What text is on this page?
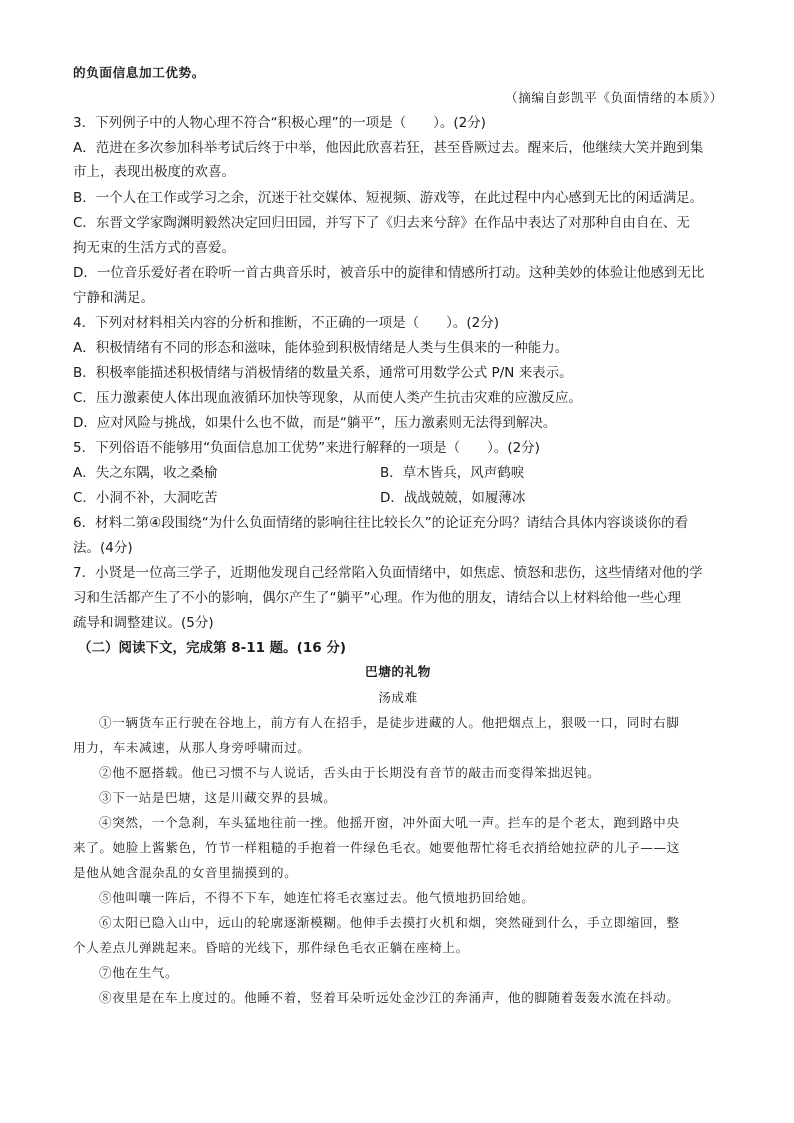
的负面信息加工优势。
（摘编自彭凯平《负面情绪的本质》）
3．下列例子中的人物心理不符合“积极心理”的一项是（　　）。(2分)
A．范进在多次参加科举考试后终于中举，他因此欣喜若狂，甚至昏厥过去。醒来后，他继续大笑并跑到集
市上，表现出极度的欢喜。
B．一个人在工作或学习之余，沉迷于社交媒体、短视频、游戏等，在此过程中内心感到无比的闲适满足。
C．东晋文学家陶渊明毅然决定回归田园，并写下了《归去来兮辞》在作品中表达了对那种自由自在、无
拘无束的生活方式的喜爱。
D．一位音乐爱好者在聆听一首古典音乐时，被音乐中的旋律和情感所打动。这种美妙的体验让他感到无比
宁静和满足。
4．下列对材料相关内容的分析和推断，不正确的一项是（　　）。(2分)
A．积极情绪有不同的形态和滋味，能体验到积极情绪是人类与生俱来的一种能力。
B．积极率能描述积极情绪与消极情绪的数量关系，通常可用数学公式 P/N 来表示。
C．压力激素使人体出现血液循环加快等现象，从而使人类产生抗击灾难的应激反应。
D．应对风险与挑战，如果什么也不做，而是“躺平”，压力激素则无法得到解决。
5．下列俗语不能够用“负面信息加工优势”来进行解释的一项是（　　）。(2分)
A．失之东隅，收之桑榆	B．草木皆兵，风声鹤唳
C．小洞不补，大洞吃苦	D．战战兢兢，如履薄冰
6．材料二第④段围绕“为什么负面情绪的影响往往比较长久”的论证充分吗？请结合具体内容谈谈你的看
法。(4分)
7．小贤是一位高三学子，近期他发现自己经常陷入负面情绪中，如焦虑、愤怒和悲伤，这些情绪对他的学
习和生活都产生了不小的影响，偶尔产生了“躺平”心理。作为他的朋友，请结合以上材料给他一些心理
疏导和调整建议。(5分)
（二）阅读下文，完成第 8-11 题。(16 分)
巴塘的礼物
汤成难
①一辆货车正行驶在谷地上，前方有人在招手，是徒步进藏的人。他把烟点上，狠吸一口，同时右脚
用力，车未减速，从那人身旁呼啸而过。
②他不愿搭载。他已习惯不与人说话，舌头由于长期没有音节的敲击而变得笨拙迟钝。
③下一站是巴塘，这是川藏交界的县城。
④突然，一个急刹，车头猛地往前一挫。他摇开窗，冲外面大吼一声。拦车的是个老太，跑到路中央
来了。她脸上酱紫色，竹节一样粗糙的手抱着一件绿色毛衣。她要他帮忙将毛衣捎给她拉萨的儿子——这
是他从她含混杂乱的女音里揣摸到的。
⑤他叫嚷一阵后，不得不下车，她连忙将毛衣塞过去。他气愤地扔回给她。
⑥太阳已隐入山中，远山的轮廓逐渐模糊。他伸手去摸打火机和烟，突然碰到什么，手立即缩回，整
个人差点儿弹跳起来。昏暗的光线下，那件绿色毛衣正躺在座椅上。
⑦他在生气。
⑧夜里是在车上度过的。他睡不着，竖着耳朵听远处金沙江的奔涌声，他的脚随着轰轰水流在抖动。
